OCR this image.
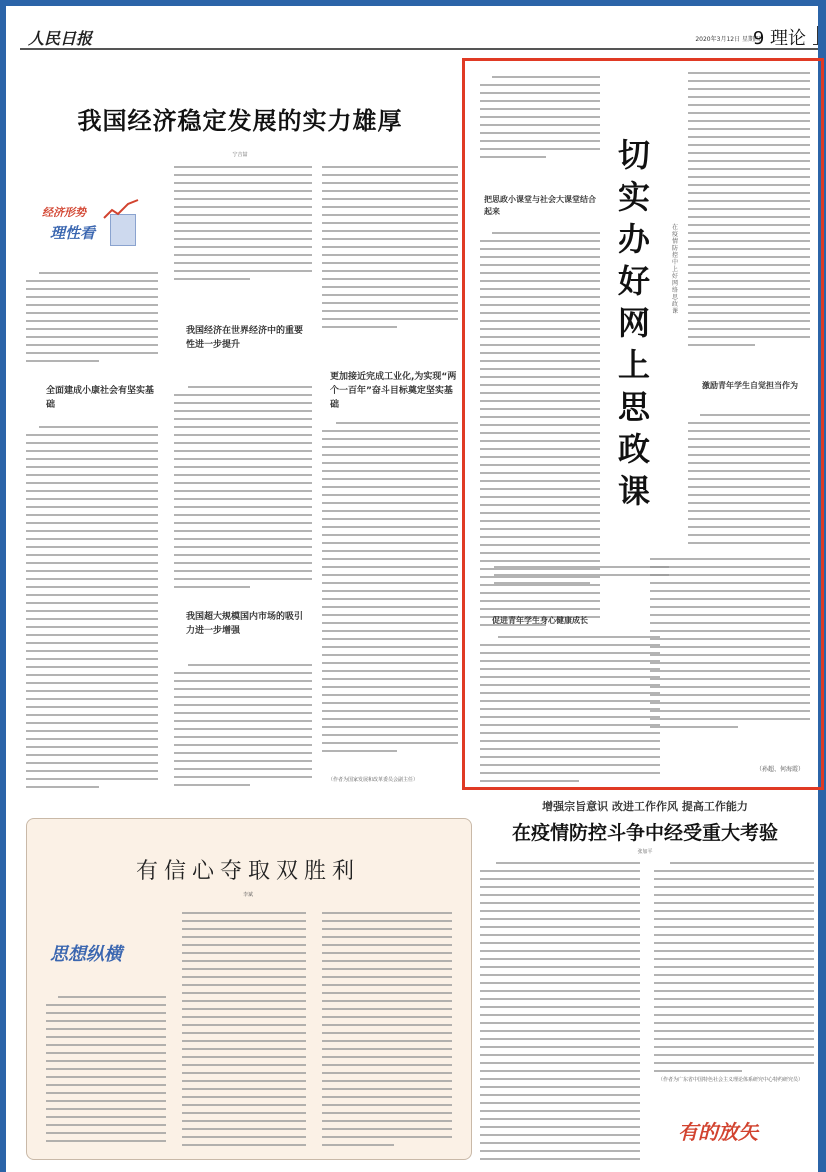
人民日报	2020年3月12日 星期四
9 理论
我国经济稳定发展的实力雄厚
宁吉喆
经济形势
理性看
全面建成小康社会有坚实基础
我国经济在世界经济中的重要性进一步提升
我国超大规模国内市场的吸引力进一步增强
更加接近完成工业化,为实现“两个一百年”奋斗目标奠定坚实基础
（作者为国家发展和改革委员会副主任）
把思政小课堂与社会大课堂结合起来
切实办好网上思政课
在疫情防控中上好网络思政课
促进青年学生身心健康成长
激励青年学生自觉担当作为
（孙超、何海霞）
增强宗旨意识 改进工作作风 提高工作能力
在疫情防控斗争中经受重大考验
张加平
（作者为广东省中国特色社会主义理论体系研究中心特约研究员）
有的放矢
有信心夺取双胜利
李斌
思想纵横
